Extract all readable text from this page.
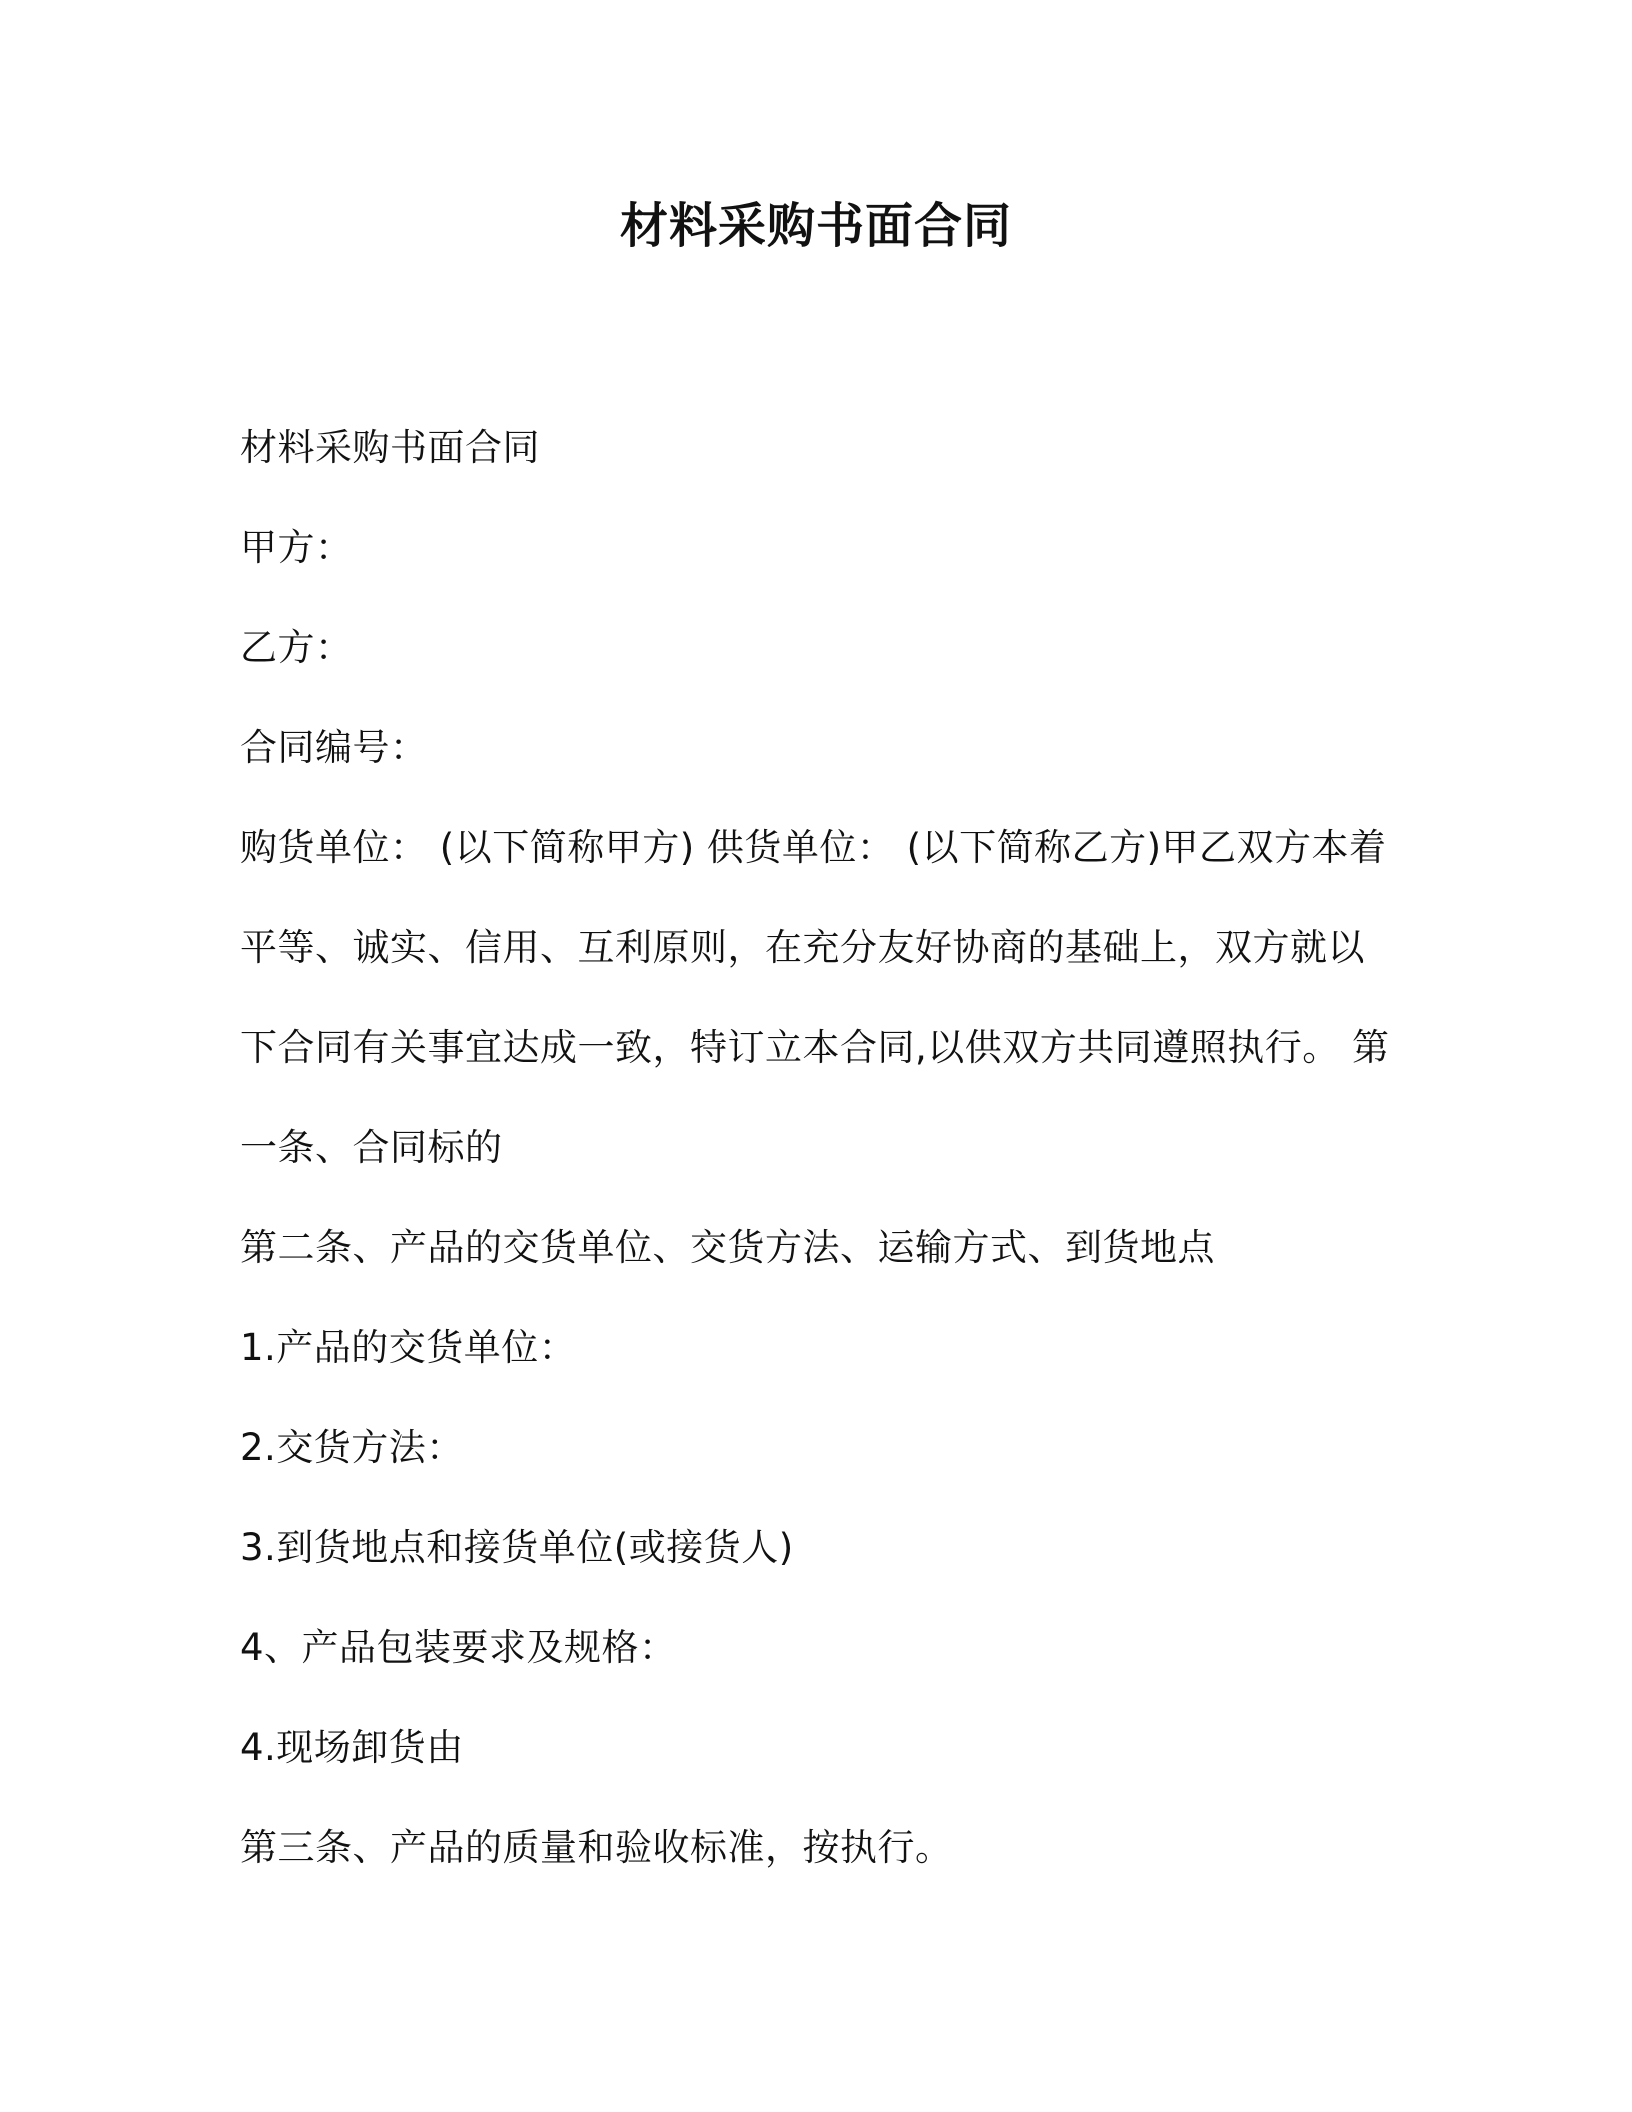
材料采购书面合同
材料采购书面合同
甲方：
乙方：
合同编号：
购货单位： (以下简称甲方) 供货单位： (以下简称乙方)甲乙双方本着
平等、诚实、信用、互利原则，在充分友好协商的基础上，双方就以
下合同有关事宜达成一致，特订立本合同,以供双方共同遵照执行。 第
一条、合同标的
第二条、产品的交货单位、交货方法、运输方式、到货地点
1.产品的交货单位：
2.交货方法：
3.到货地点和接货单位(或接货人)
4、产品包装要求及规格：
4.现场卸货由
第三条、产品的质量和验收标准，按执行。
